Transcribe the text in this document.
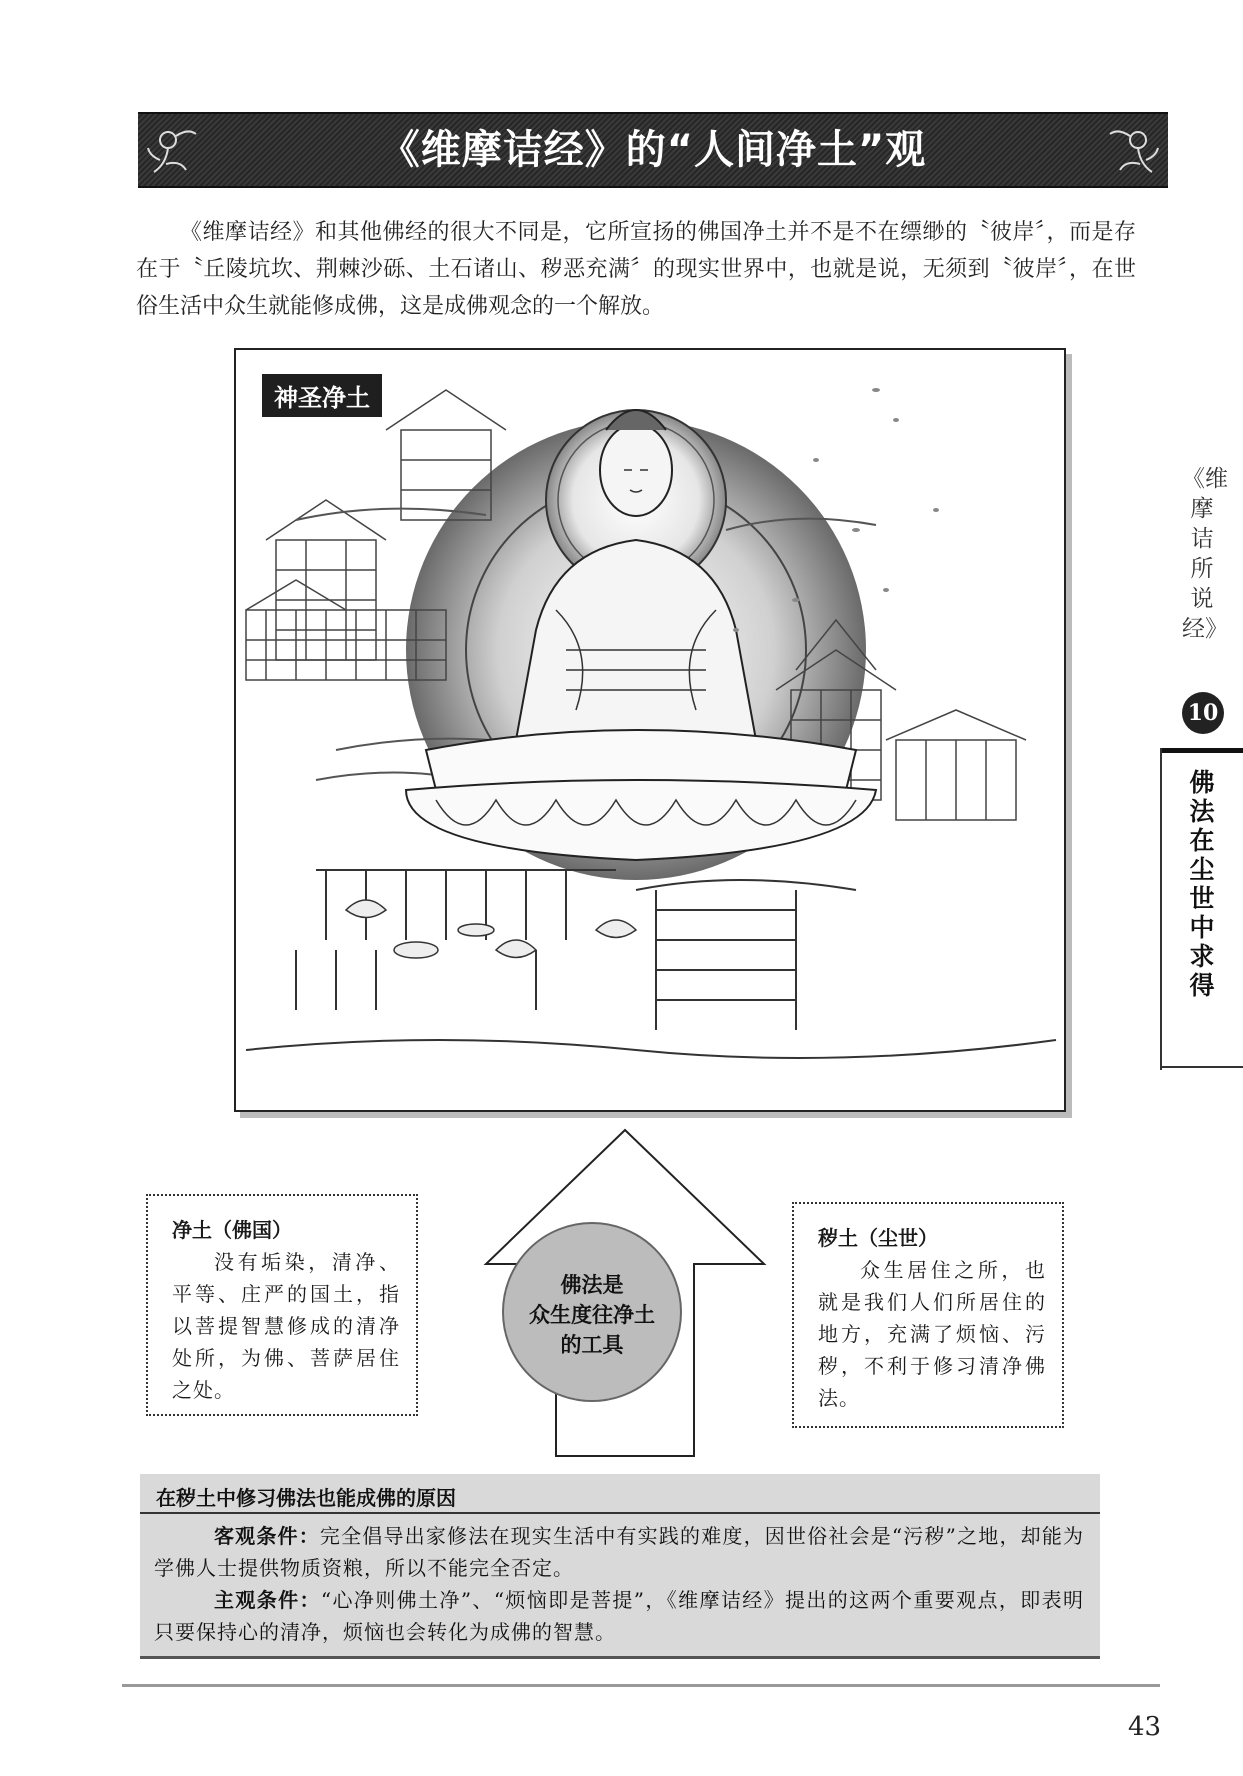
《维摩诘经》的“人间净土”观
《维摩诘经》和其他佛经的很大不同是，它所宣扬的佛国净土并不是不在缥缈的〝彼岸〞，而是存在于〝丘陵坑坎、荆棘沙砾、土石诸山、秽恶充满〞的现实世界中，也就是说，无须到〝彼岸〞，在世俗生活中众生就能修成佛，这是成佛观念的一个解放。
神圣净土
《维摩诘所说经》
10
佛法在尘世中求得
佛法是
众生度往净土
的工具
净土（佛国）
没有垢染，清净、平等、庄严的国土，指以菩提智慧修成的清净处所，为佛、菩萨居住之处。
秽土（尘世）
众生居住之所，也就是我们人们所居住的地方，充满了烦恼、污秽，不利于修习清净佛法。
在秽土中修习佛法也能成佛的原因

客观条件：完全倡导出家修法在现实生活中有实践的难度，因世俗社会是“污秽”之地，却能为学佛人士提供物质资粮，所以不能完全否定。

主观条件：“心净则佛土净”、“烦恼即是菩提”，《维摩诘经》提出的这两个重要观点，即表明只要保持心的清净，烦恼也会转化为成佛的智慧。

43
